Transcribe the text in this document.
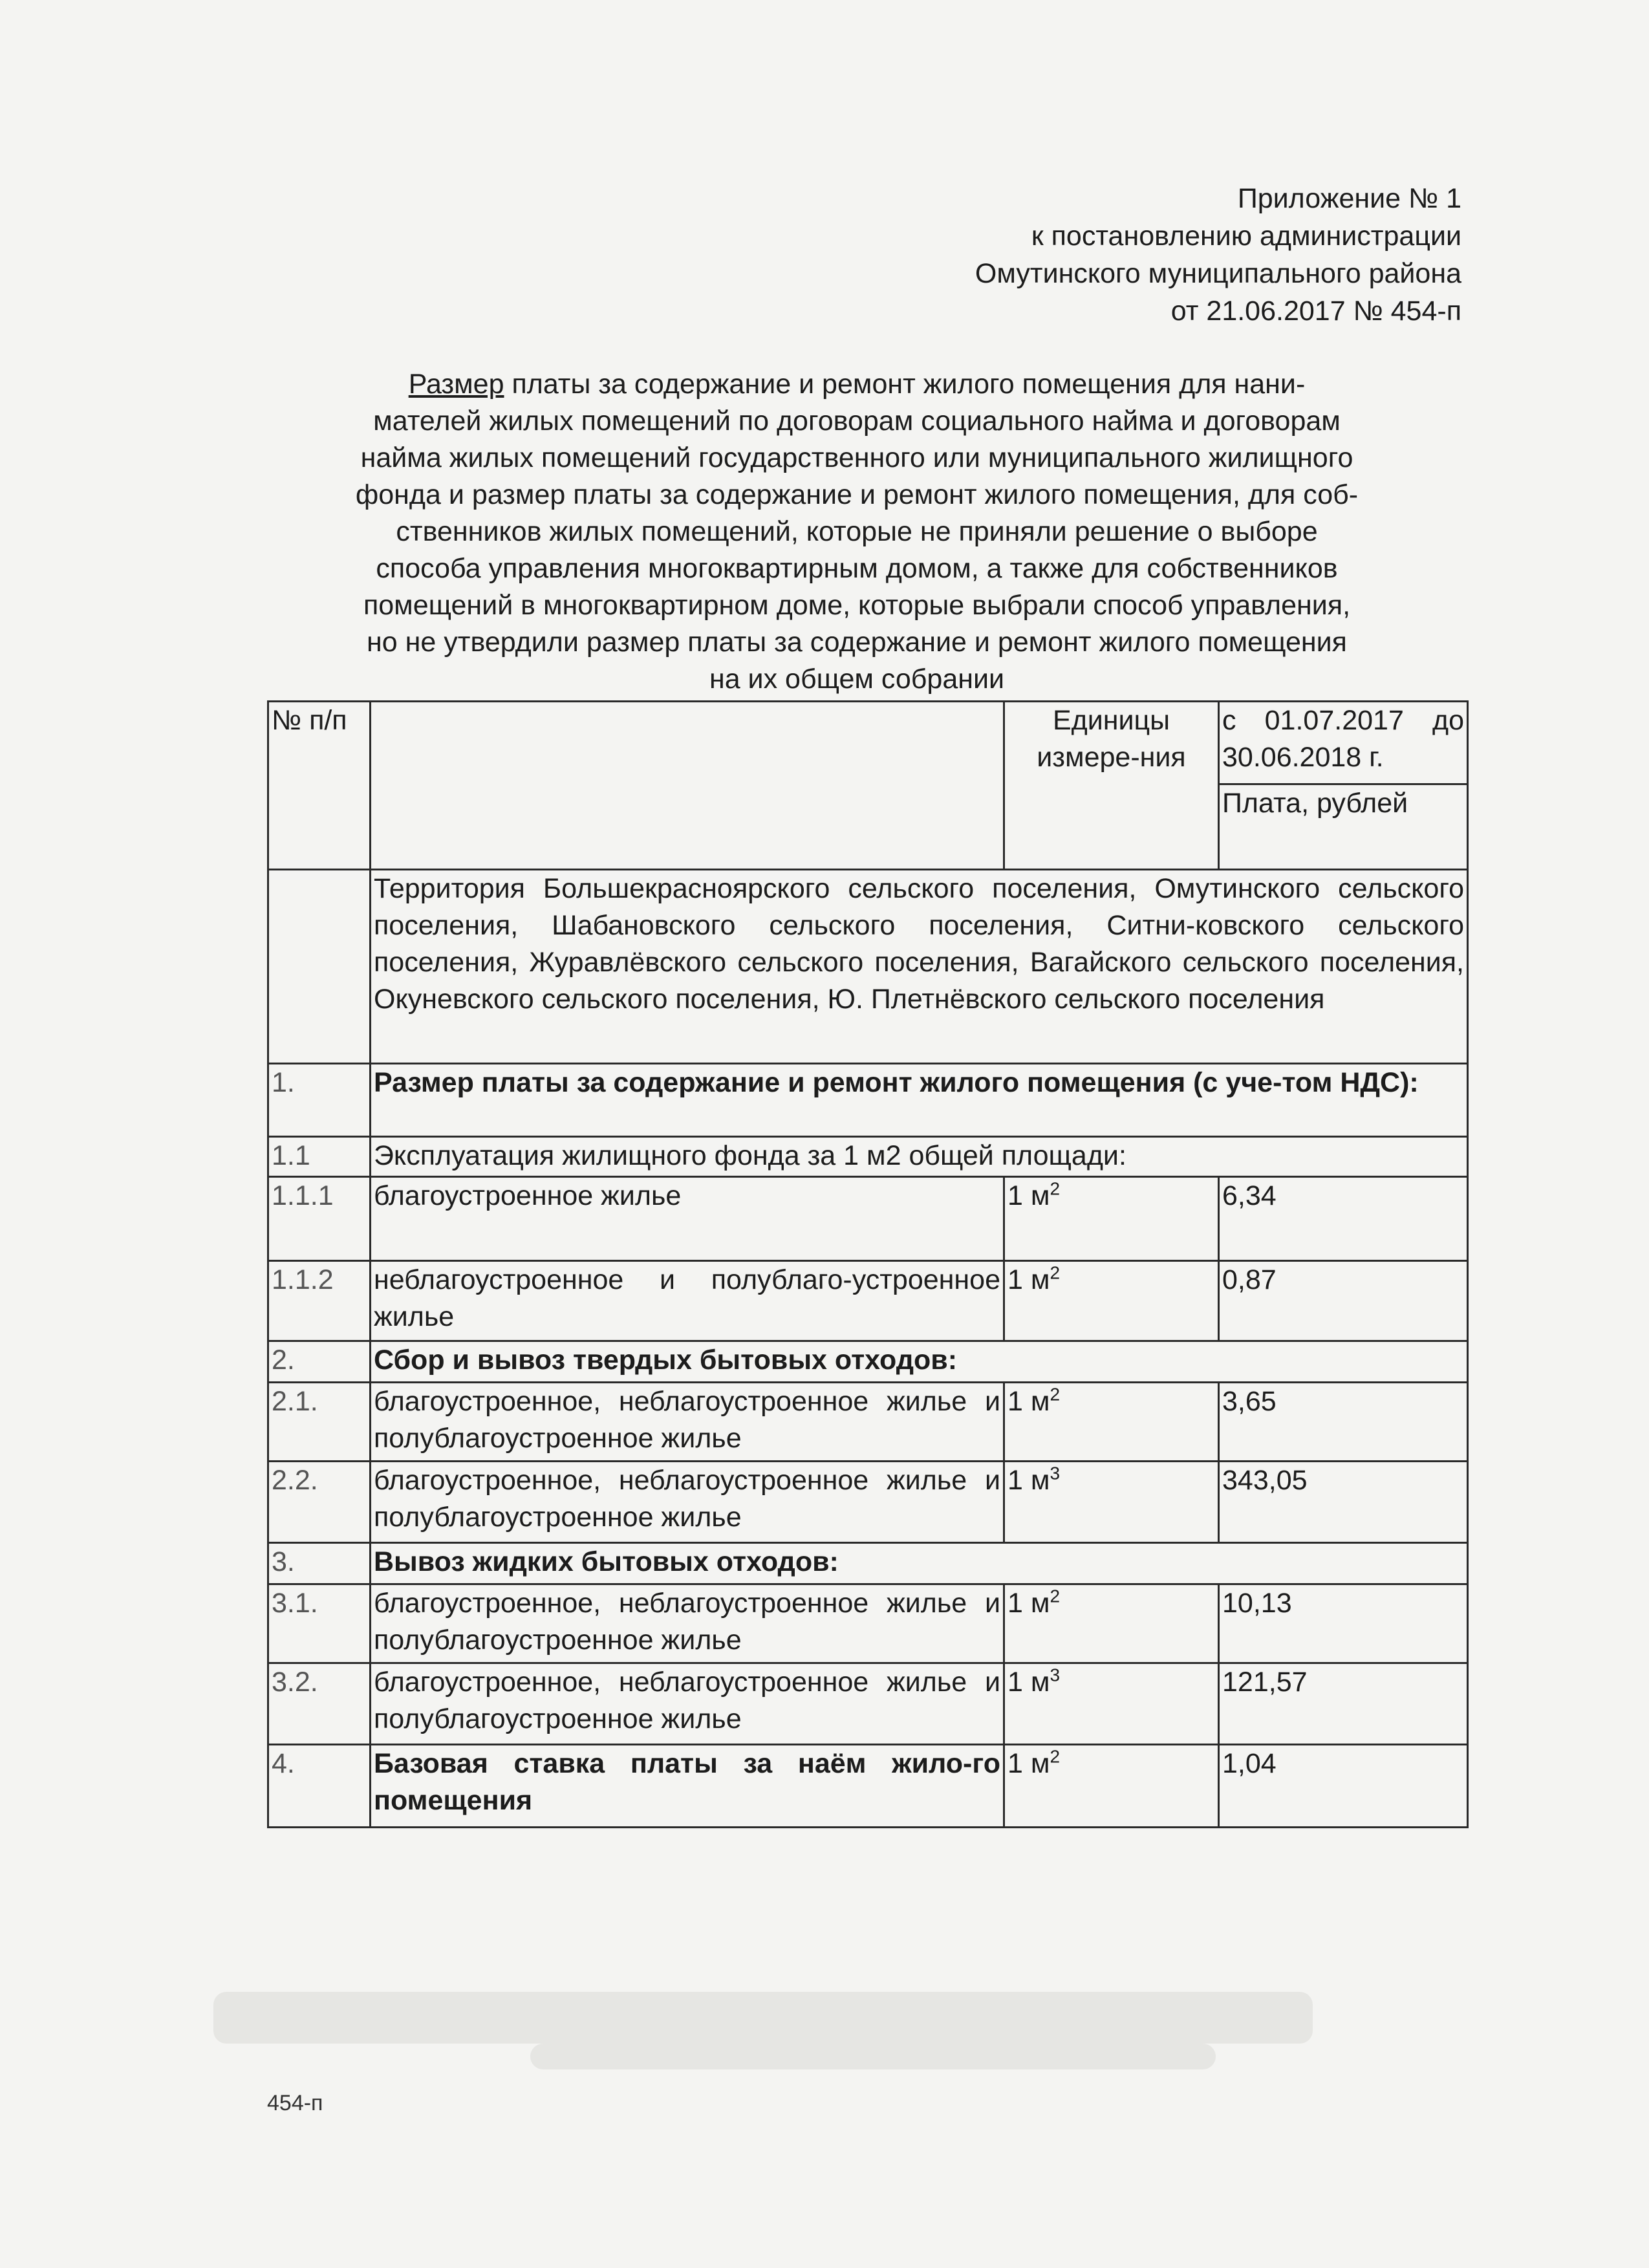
Приложение № 1
к постановлению администрации
Омутинского муниципального района
от 21.06.2017 № 454-п
Размер платы за содержание и ремонт жилого помещения для нани-
мателей жилых помещений по договорам социального найма и договорам
найма жилых помещений государственного или муниципального жилищного
фонда и размер платы за содержание и ремонт жилого помещения, для соб-
ственников жилых помещений, которые не приняли решение о выборе
способа управления многоквартирным домом, а также для собственников
помещений в многоквартирном доме, которые выбрали способ управления,
но не утвердили размер платы за содержание и ремонт жилого помещения
на их общем собрании
№ п/п		Единицы измере-ния	с 01.07.2017 до 30.06.2018 г.
			Плата, рублей
	Территория Большекрасноярского сельского поселения, Омутинского сельского поселения, Шабановского сельского поселения, Ситни-ковского сельского поселения, Журавлёвского сельского поселения, Вагайского сельского поселения, Окуневского сельского поселения, Ю. Плетнёвского сельского поселения		
1.	Размер платы за содержание и ремонт жилого помещения (с уче-том НДС):		
1.1	Эксплуатация жилищного фонда за 1 м2 общей площади:		
1.1.1	благоустроенное жилье	1 $м^2$	6,34
1.1.2	неблагоустроенное и полублаго-устроенное жилье	1 $м^2$	0,87
2.	Сбор и вывоз твердых бытовых отходов:		
2.1.	благоустроенное, неблагоустроенное жилье и полублагоустроенное жилье	1 $м^2$	3,65
2.2.	благоустроенное, неблагоустроенное жилье и полублагоустроенное жилье	1 $м^3$	343,05
3.	Вывоз жидких бытовых отходов:		
3.1.	благоустроенное, неблагоустроенное жилье и полублагоустроенное жилье	1 $м^2$	10,13
3.2.	благоустроенное, неблагоустроенное жилье и полублагоустроенное жилье	1 $м^3$	121,57
4.	Базовая ставка платы за наём жило-го помещения	1 $м^2$	1,04
454-п
